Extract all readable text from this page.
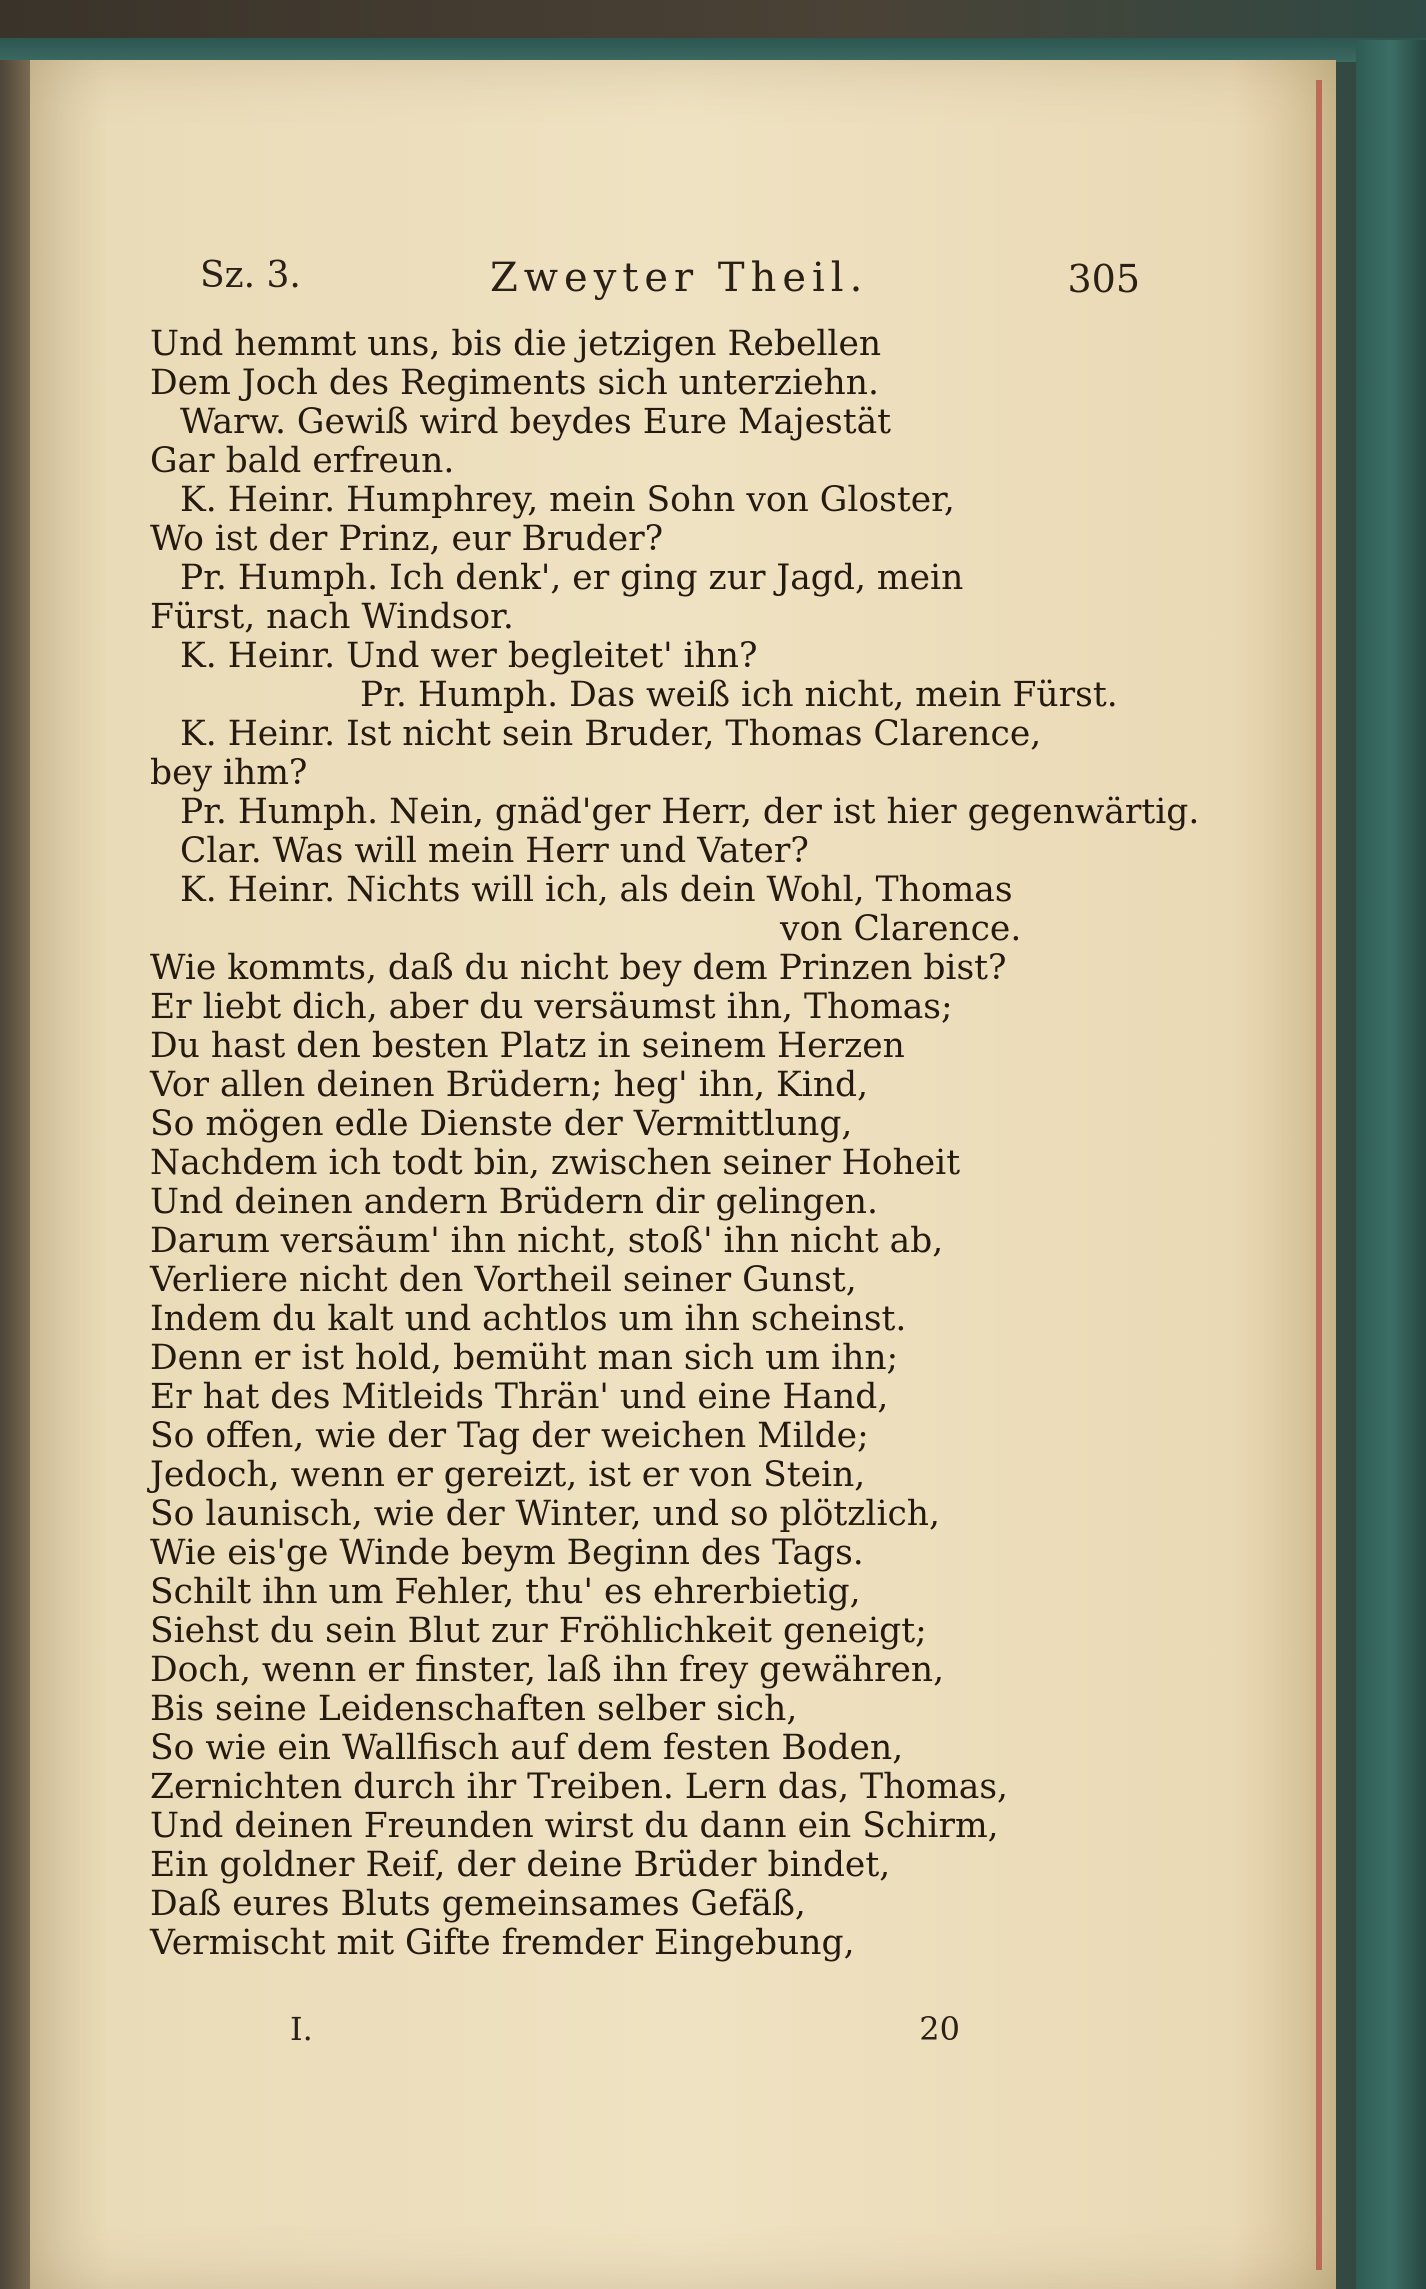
Sz. 3.	Zweyter Theil.	305
Und hemmt uns, bis die jetzigen Rebellen
Dem Joch des Regiments sich unterziehn.
Warw. Gewiß wird beydes Eure Majestät
Gar bald erfreun.
K. Heinr. Humphrey, mein Sohn von Gloster,
Wo ist der Prinz, eur Bruder?
Pr. Humph. Ich denk', er ging zur Jagd, mein
Fürst, nach Windsor.
K. Heinr. Und wer begleitet' ihn?
Pr. Humph. Das weiß ich nicht, mein Fürst.
K. Heinr. Ist nicht sein Bruder, Thomas Clarence,
bey ihm?
Pr. Humph. Nein, gnäd'ger Herr, der ist hier gegenwärtig.
Clar. Was will mein Herr und Vater?
K. Heinr. Nichts will ich, als dein Wohl, Thomas
von Clarence.
Wie kommts, daß du nicht bey dem Prinzen bist?
Er liebt dich, aber du versäumst ihn, Thomas;
Du hast den besten Platz in seinem Herzen
Vor allen deinen Brüdern; heg' ihn, Kind,
So mögen edle Dienste der Vermittlung,
Nachdem ich todt bin, zwischen seiner Hoheit
Und deinen andern Brüdern dir gelingen.
Darum versäum' ihn nicht, stoß' ihn nicht ab,
Verliere nicht den Vortheil seiner Gunst,
Indem du kalt und achtlos um ihn scheinst.
Denn er ist hold, bemüht man sich um ihn;
Er hat des Mitleids Thrän' und eine Hand,
So offen, wie der Tag der weichen Milde;
Jedoch, wenn er gereizt, ist er von Stein,
So launisch, wie der Winter, und so plötzlich,
Wie eis'ge Winde beym Beginn des Tags.
Schilt ihn um Fehler, thu' es ehrerbietig,
Siehst du sein Blut zur Fröhlichkeit geneigt;
Doch, wenn er finster, laß ihn frey gewähren,
Bis seine Leidenschaften selber sich,
So wie ein Wallfisch auf dem festen Boden,
Zernichten durch ihr Treiben. Lern das, Thomas,
Und deinen Freunden wirst du dann ein Schirm,
Ein goldner Reif, der deine Brüder bindet,
Daß eures Bluts gemeinsames Gefäß,
Vermischt mit Gifte fremder Eingebung,
I.	20
